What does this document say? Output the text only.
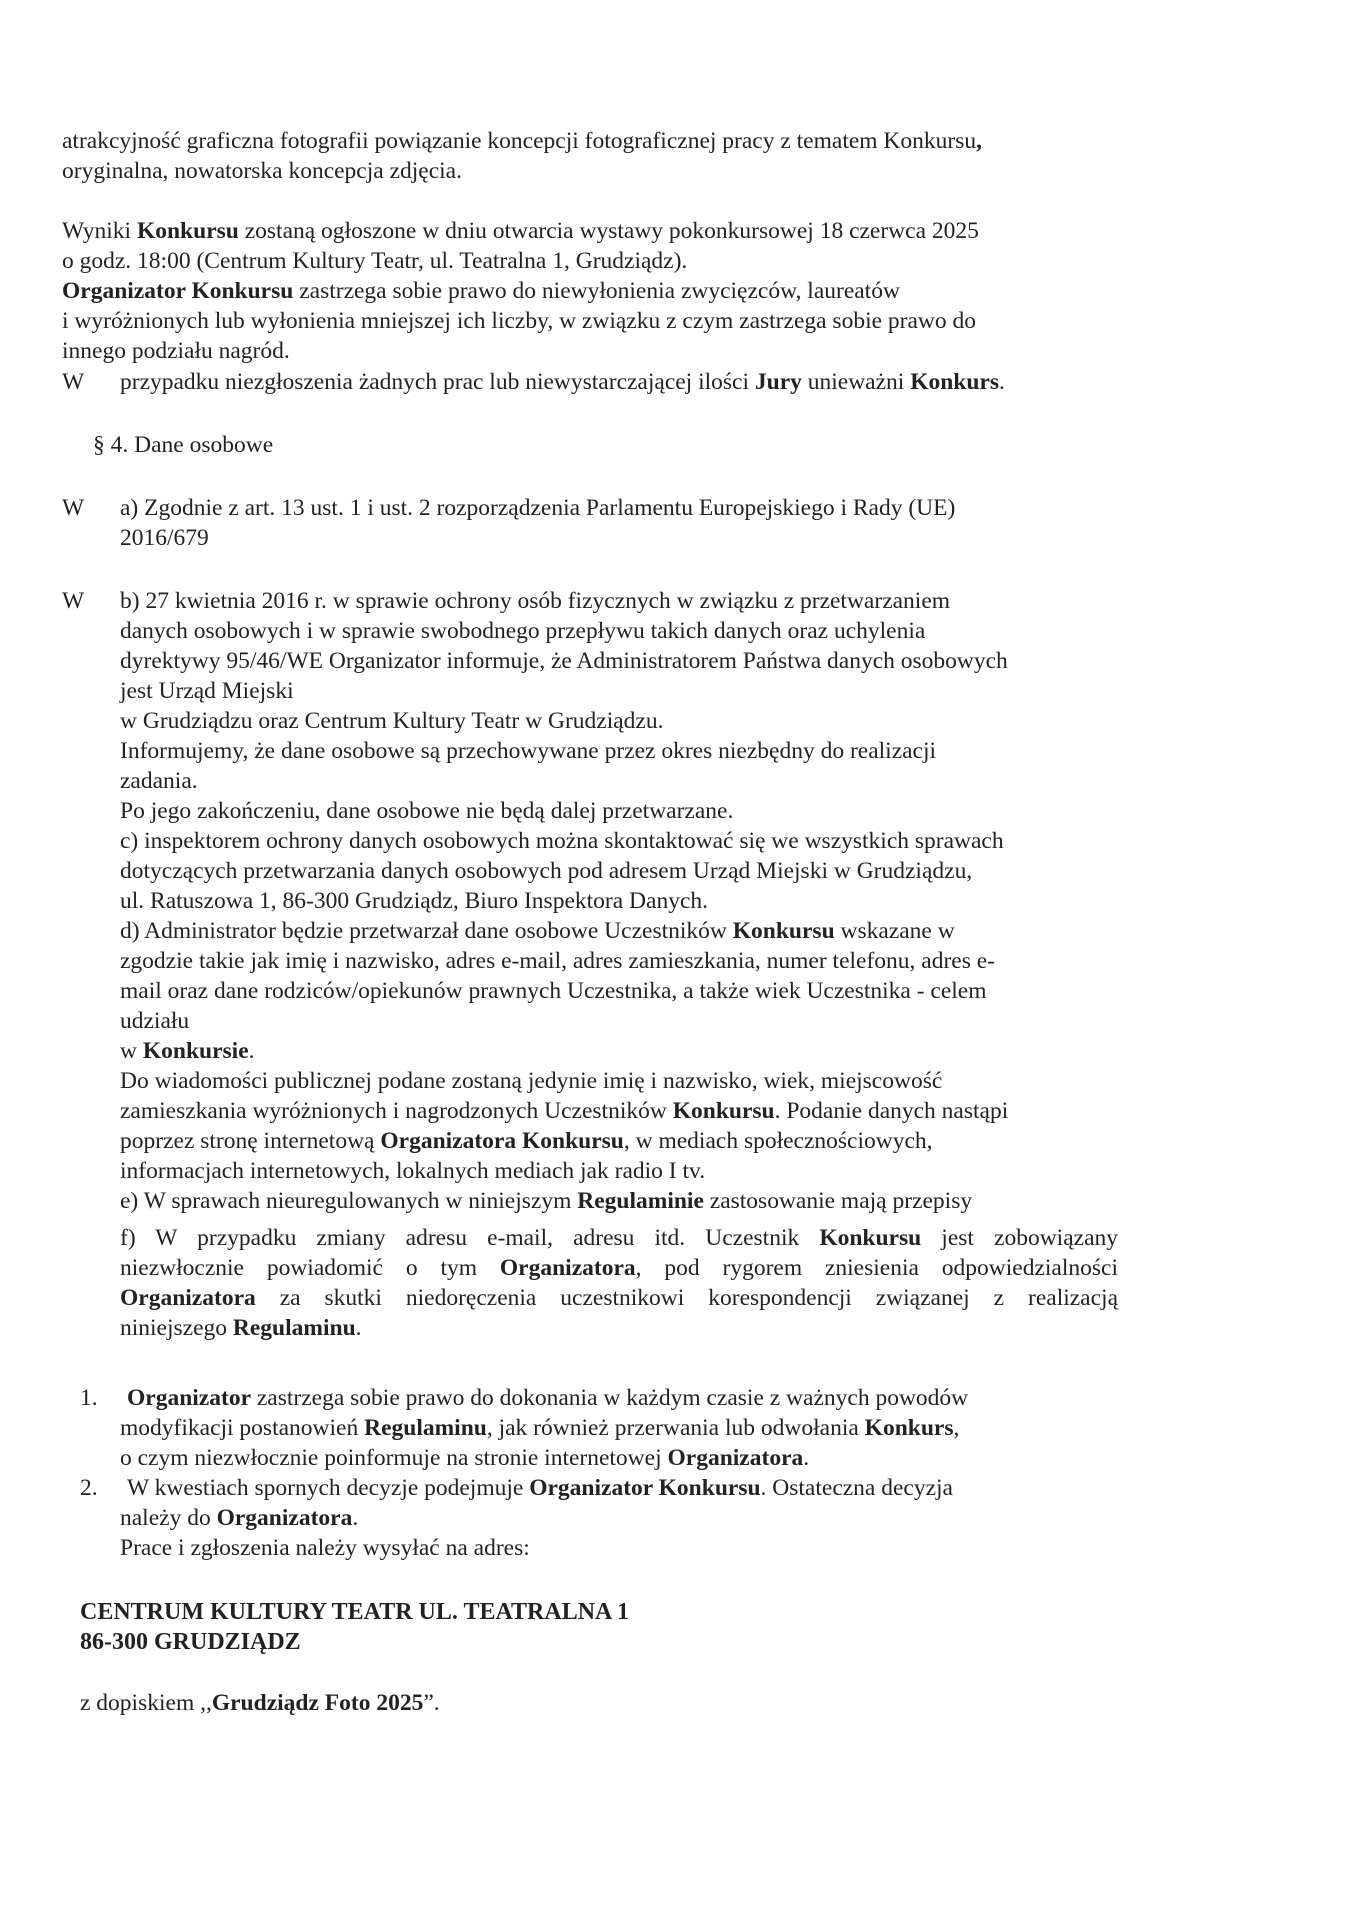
atrakcyjność graficzna fotografii powiązanie koncepcji fotograficznej pracy z tematem Konkursu,
oryginalna, nowatorska koncepcja zdjęcia.
Wyniki Konkursu zostaną ogłoszone w dniu otwarcia wystawy pokonkursowej 18 czerwca 2025
o godz. 18:00 (Centrum Kultury Teatr, ul. Teatralna 1, Grudziądz).
Organizator Konkursu zastrzega sobie prawo do niewyłonienia zwycięzców, laureatów
i wyróżnionych lub wyłonienia mniejszej ich liczby, w związku z czym zastrzega sobie prawo do
innego podziału nagród.
W przypadku niezgłoszenia żadnych prac lub niewystarczającej ilości Jury unieważni Konkurs.
§ 4. Dane osobowe
W a) Zgodnie z art. 13 ust. 1 i ust. 2 rozporządzenia Parlamentu Europejskiego i Rady (UE)
2016/679
W b) 27 kwietnia 2016 r. w sprawie ochrony osób fizycznych w związku z przetwarzaniem
danych osobowych i w sprawie swobodnego przepływu takich danych oraz uchylenia
dyrektywy 95/46/WE Organizator informuje, że Administratorem Państwa danych osobowych
jest Urząd Miejski
w Grudziądzu oraz Centrum Kultury Teatr w Grudziądzu.
Informujemy, że dane osobowe są przechowywane przez okres niezbędny do realizacji
zadania.
Po jego zakończeniu, dane osobowe nie będą dalej przetwarzane.
c) inspektorem ochrony danych osobowych można skontaktować się we wszystkich sprawach
dotyczących przetwarzania danych osobowych pod adresem Urząd Miejski w Grudziądzu,
ul. Ratuszowa 1, 86-300 Grudziądz, Biuro Inspektora Danych.
d) Administrator będzie przetwarzał dane osobowe Uczestników Konkursu wskazane w
zgodzie takie jak imię i nazwisko, adres e-mail, adres zamieszkania, numer telefonu, adres e-
mail oraz dane rodziców/opiekunów prawnych Uczestnika, a także wiek Uczestnika - celem
udziału
w Konkursie.
Do wiadomości publicznej podane zostaną jedynie imię i nazwisko, wiek, miejscowość
zamieszkania wyróżnionych i nagrodzonych Uczestników Konkursu. Podanie danych nastąpi
poprzez stronę internetową Organizatora Konkursu, w mediach społecznościowych,
informacjach internetowych, lokalnych mediach jak radio I tv.
e) W sprawach nieuregulowanych w niniejszym Regulaminie zastosowanie mają przepisy
f) W przypadku zmiany adresu e-mail, adresu itd. Uczestnik Konkursu jest zobowiązany
niezwłocznie powiadomić o tym Organizatora, pod rygorem zniesienia odpowiedzialności
Organizatora za skutki niedoręczenia uczestnikowi korespondencji związanej z realizacją
niniejszego Regulaminu.
1. Organizator zastrzega sobie prawo do dokonania w każdym czasie z ważnych powodów
modyfikacji postanowień Regulaminu, jak również przerwania lub odwołania Konkurs,
o czym niezwłocznie poinformuje na stronie internetowej Organizatora.
2. W kwestiach spornych decyzje podejmuje Organizator Konkursu. Ostateczna decyzja
należy do Organizatora.
Prace i zgłoszenia należy wysyłać na adres:
CENTRUM KULTURY TEATR UL. TEATRALNA 1
86-300 GRUDZIĄDZ
z dopiskiem ,,Grudziądz Foto 2025”.
